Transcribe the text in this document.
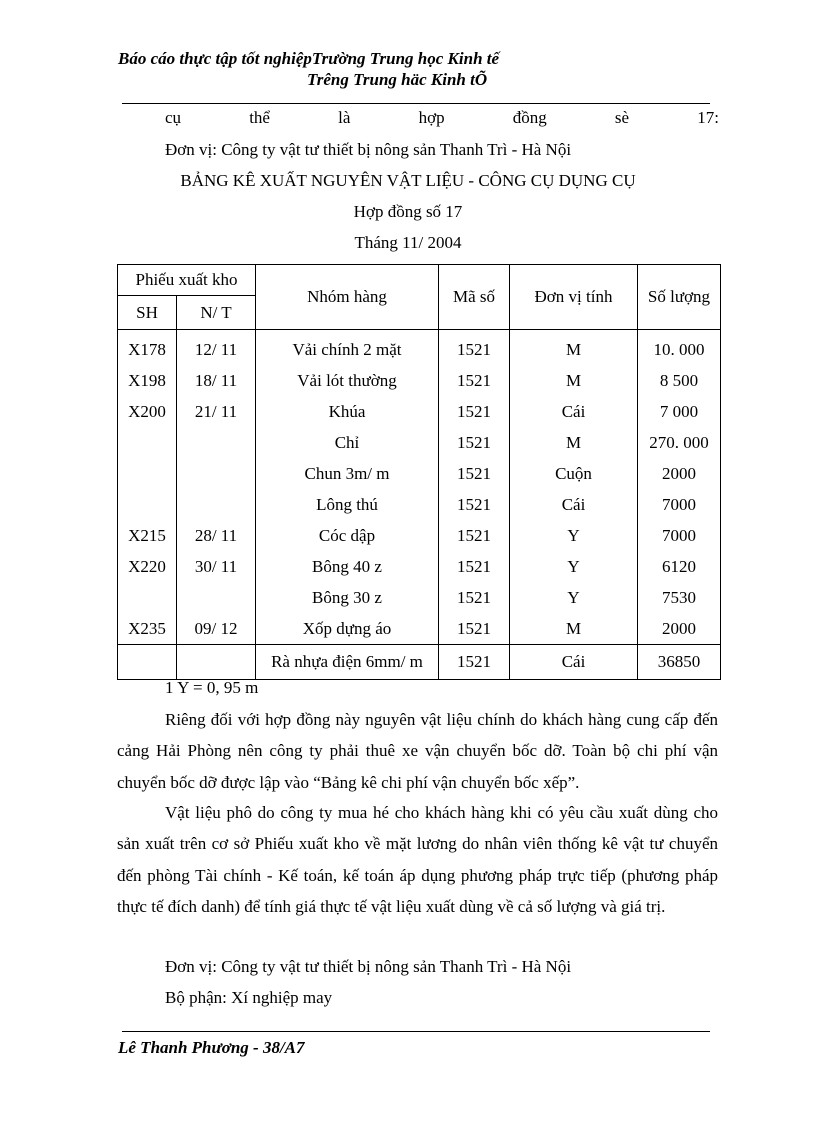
Báo cáo thực tập tốt nghiệpTrường Trung học Kinh tế
Trêng Trung häc Kinh tÕ
cụ	thể	là	hợp	đồng	sè	17:
Đơn vị: Công ty vật tư thiết bị nông sản Thanh Trì - Hà Nội
BẢNG KÊ XUẤT NGUYÊN VẬT LIỆU - CÔNG CỤ DỤNG CỤ
Hợp đồng số 17
Tháng 11/ 2004
Phiếu xuất kho		Nhóm hàng	Mã số	Đơn vị tính	Số lượng
SH	N/ T				
X178	12/ 11	Vải chính 2 mặt	1521	M	10. 000
X198	18/ 11	Vải lót thường	1521	M	8 500
X200	21/ 11	Khúa	1521	Cái	7 000
		Chỉ	1521	M	270. 000
		Chun 3m/ m	1521	Cuộn	2000
		Lông thú	1521	Cái	7000
X215	28/ 11	Cóc dập	1521	Y	7000
X220	30/ 11	Bông 40 z	1521	Y	6120
		Bông 30 z	1521	Y	7530
X235	09/ 12	Xốp dựng áo	1521	M	2000
		Rà nhựa điện 6mm/ m	1521	Cái	36850
1 Y = 0, 95 m
Riêng đối với hợp đồng này nguyên vật liệu chính do khách hàng cung cấp đến cảng Hải Phòng nên công ty phải thuê xe vận chuyển bốc dỡ. Toàn bộ chi phí vận chuyển bốc dỡ được lập vào “Bảng kê chi phí vận chuyển bốc xếp”.
Vật liệu phô do công ty mua hé cho khách hàng khi có yêu cầu xuất dùng cho sản xuất trên cơ sở Phiếu xuất kho về mặt lương do nhân viên thống kê vật tư chuyển đến phòng Tài chính - Kế toán, kế toán áp dụng phương pháp trực tiếp (phương pháp thực tế đích danh) để tính giá thực tế vật liệu xuất dùng về cả số lượng và giá trị.
Đơn vị: Công ty vật tư thiết bị nông sản Thanh Trì - Hà Nội
Bộ phận: Xí nghiệp may
Lê Thanh Phương - 38/A7
